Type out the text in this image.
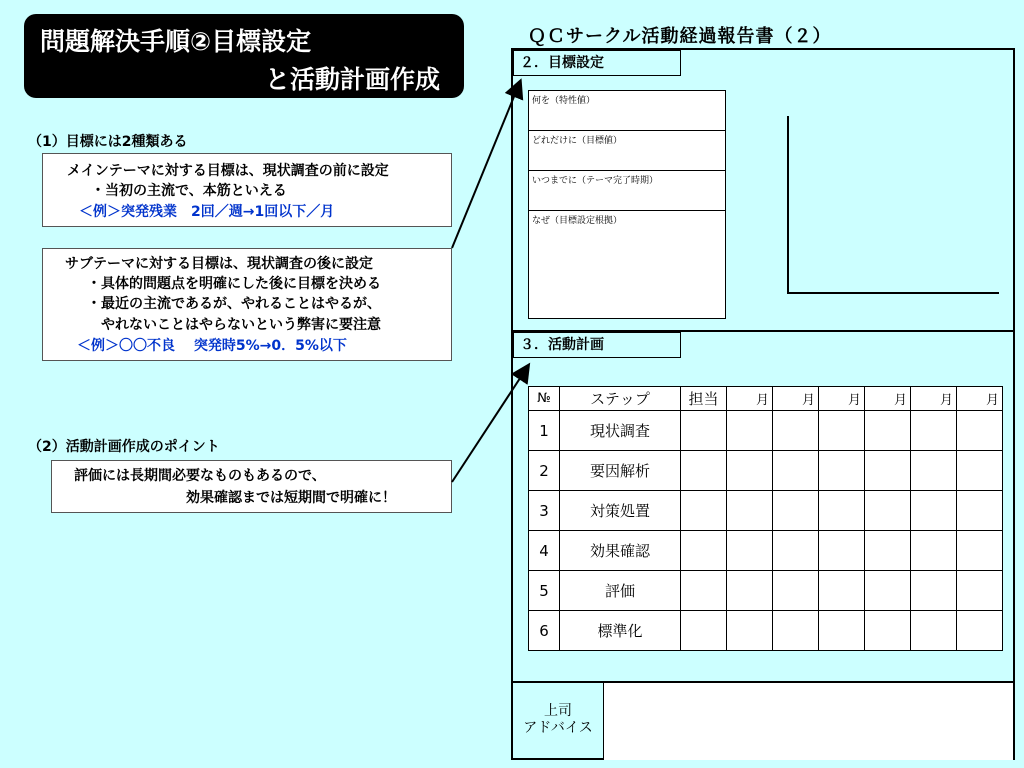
問題解決手順②目標設定
と活動計画作成
（1）目標には2種類ある
メインテーマに対する目標は、現状調査の前に設定
・当初の主流で、本筋といえる
＜例＞突発残業　2回／週→1回以下／月
サブテーマに対する目標は、現状調査の後に設定
・具体的問題点を明確にした後に目標を決める
・最近の主流であるが、やれることはやるが、
やれないことはやらないという弊害に要注意
＜例＞〇〇不良　 突発時5%→0．5%以下
（2）活動計画作成のポイント
評価には長期間必要なものもあるので、
効果確認までは短期間で明確に！
ＱＣサークル活動経過報告書（２）
２．目標設定
何を（特性値）
どれだけに（目標値）
いつまでに（テーマ完了時期）
なぜ（目標設定根拠）
３．活動計画
№	ステップ	担当	月	月	月	月	月	月
1	現状調査							
2	要因解析							
3	対策処置							
4	効果確認							
5	評価							
6	標準化							
上司
アドバイス
